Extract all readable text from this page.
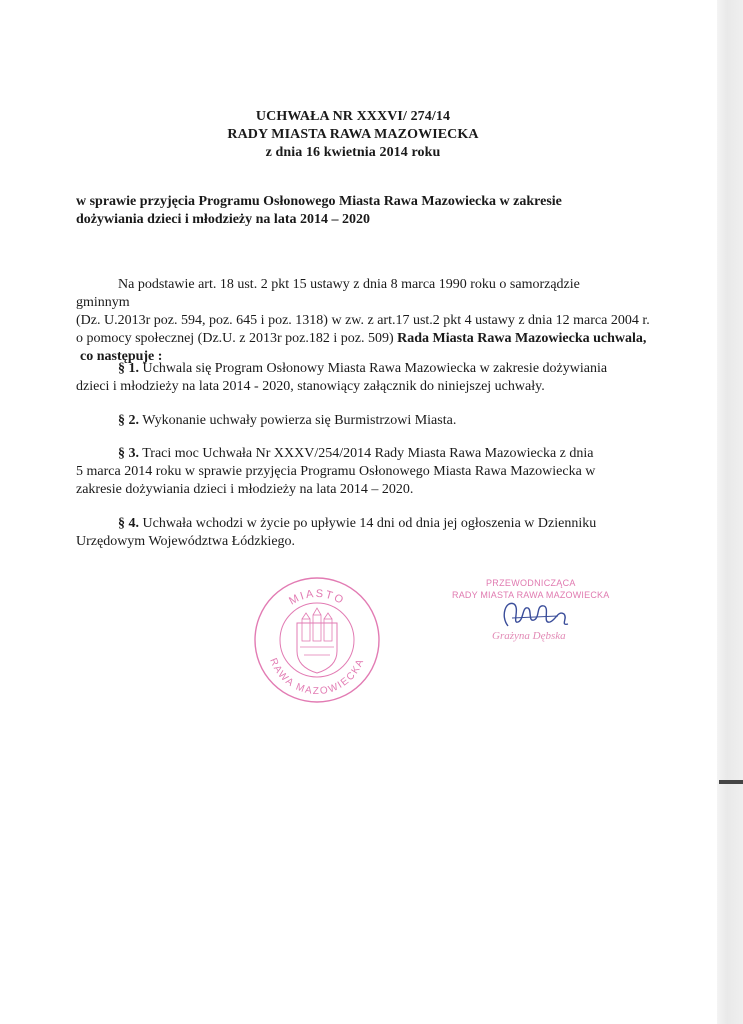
UCHWAŁA NR XXXVI/ 274/14
RADY MIASTA RAWA MAZOWIECKA
z dnia 16 kwietnia 2014 roku
w sprawie przyjęcia Programu Osłonowego Miasta Rawa Mazowiecka w zakresie
dożywiania dzieci i młodzieży na lata 2014 – 2020
Na podstawie art. 18 ust. 2 pkt 15 ustawy z dnia 8 marca 1990 roku o samorządzie gminnym
(Dz. U.2013r poz. 594, poz. 645 i poz. 1318) w zw. z art.17 ust.2 pkt 4 ustawy z dnia 12 marca 2004 r.
o pomocy społecznej (Dz.U. z 2013r poz.182 i poz. 509) Rada Miasta Rawa Mazowiecka uchwala,
co następuje :
§ 1. Uchwala się Program Osłonowy Miasta Rawa Mazowiecka w zakresie dożywiania
dzieci i młodzieży na lata 2014 - 2020, stanowiący załącznik do niniejszej uchwały.
§ 2. Wykonanie uchwały powierza się Burmistrzowi Miasta.
§ 3. Traci moc Uchwała Nr XXXV/254/2014 Rady Miasta Rawa Mazowiecka z dnia
5 marca 2014 roku w sprawie przyjęcia Programu Osłonowego Miasta Rawa Mazowiecka w
zakresie dożywiania dzieci i młodzieży na lata 2014 – 2020.
§ 4. Uchwała wchodzi w życie po upływie 14 dni od dnia jej ogłoszenia w Dzienniku
Urzędowym Województwa Łódzkiego.
MIASTO
RAWA MAZOWIECKA
PRZEWODNICZĄCA
RADY MIASTA RAWA MAZOWIECKA
Grażyna Dębska
